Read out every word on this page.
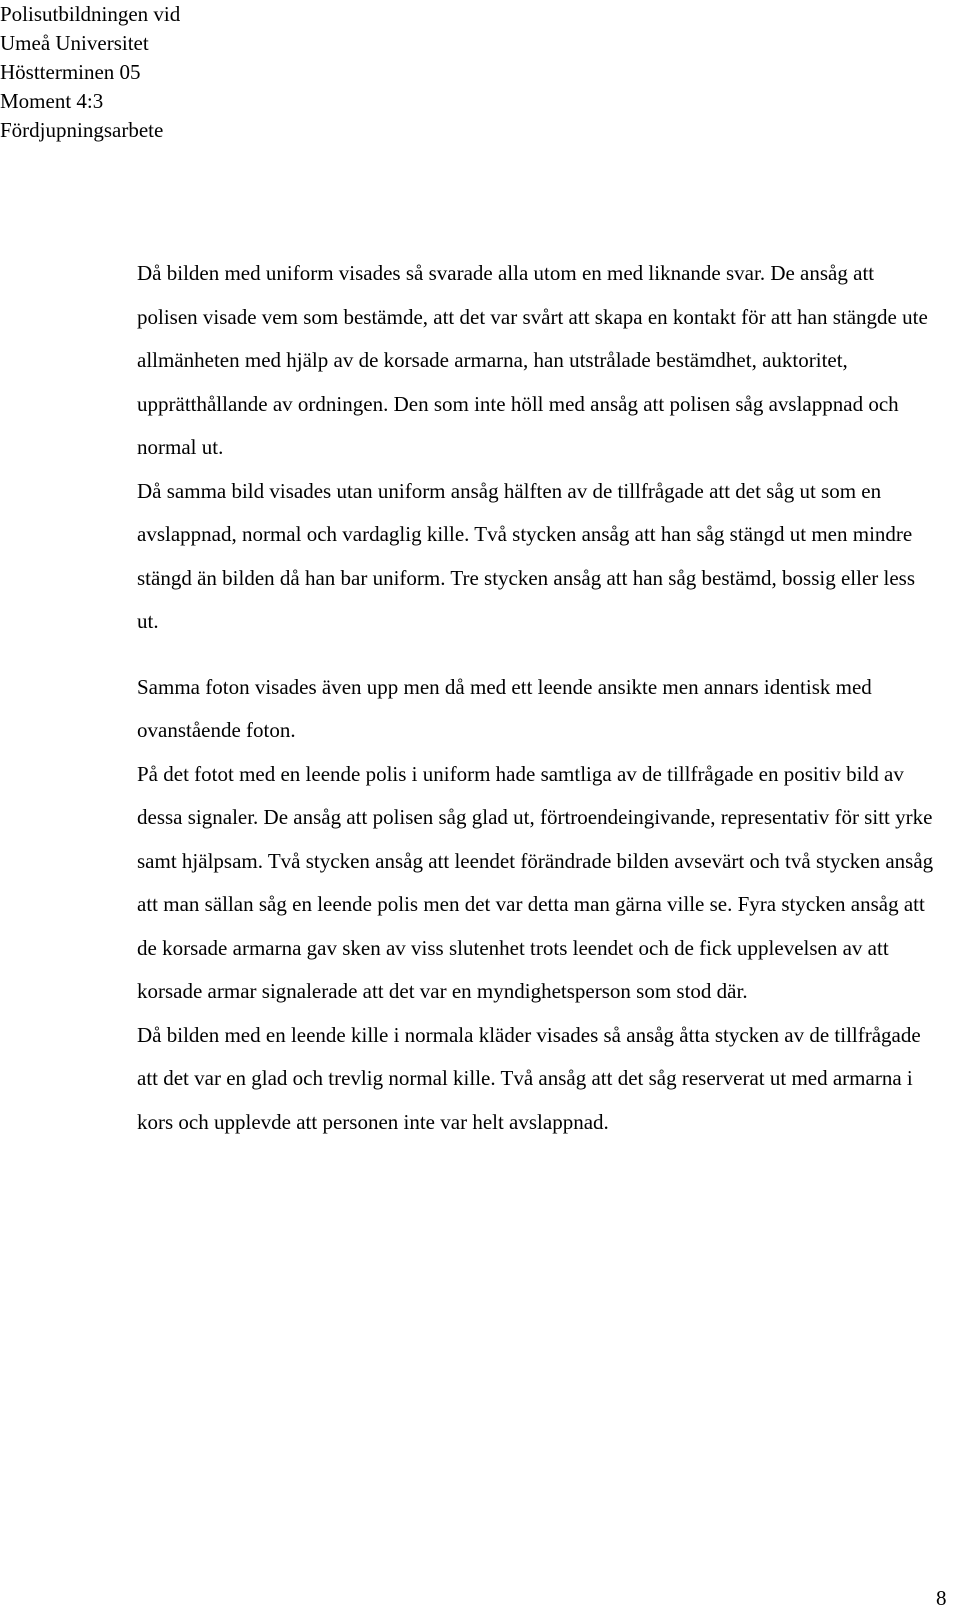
Polisutbildningen vid
Umeå Universitet
Höstterminen 05
Moment 4:3
Fördjupningsarbete

Då bilden med uniform visades så svarade alla utom en med liknande svar. De ansåg att polisen visade vem som bestämde, att det var svårt att skapa en kontakt för att han stängde ute allmänheten med hjälp av de korsade armarna, han utstrålade bestämdhet, auktoritet, upprätthållande av ordningen. Den som inte höll med ansåg att polisen såg avslappnad och normal ut.

Då samma bild visades utan uniform ansåg hälften av de tillfrågade att det såg ut som en avslappnad, normal och vardaglig kille. Två stycken ansåg att han såg stängd ut men mindre stängd än bilden då han bar uniform. Tre stycken ansåg att han såg bestämd, bossig eller less ut.

Samma foton visades även upp men då med ett leende ansikte men annars identisk med ovanstående foton.

På det fotot med en leende polis i uniform hade samtliga av de tillfrågade en positiv bild av dessa signaler. De ansåg att polisen såg glad ut, förtroendeingivande, representativ för sitt yrke samt hjälpsam. Två stycken ansåg att leendet förändrade bilden avsevärt och två stycken ansåg att man sällan såg en leende polis men det var detta man gärna ville se. Fyra stycken ansåg att de korsade armarna gav sken av viss slutenhet trots leendet och de fick upplevelsen av att korsade armar signalerade att det var en myndighetsperson som stod där.

Då bilden med en leende kille i normala kläder visades så ansåg åtta stycken av de tillfrågade att det var en glad och trevlig normal kille. Två ansåg att det såg reserverat ut med armarna i kors och upplevde att personen inte var helt avslappnad.

8
